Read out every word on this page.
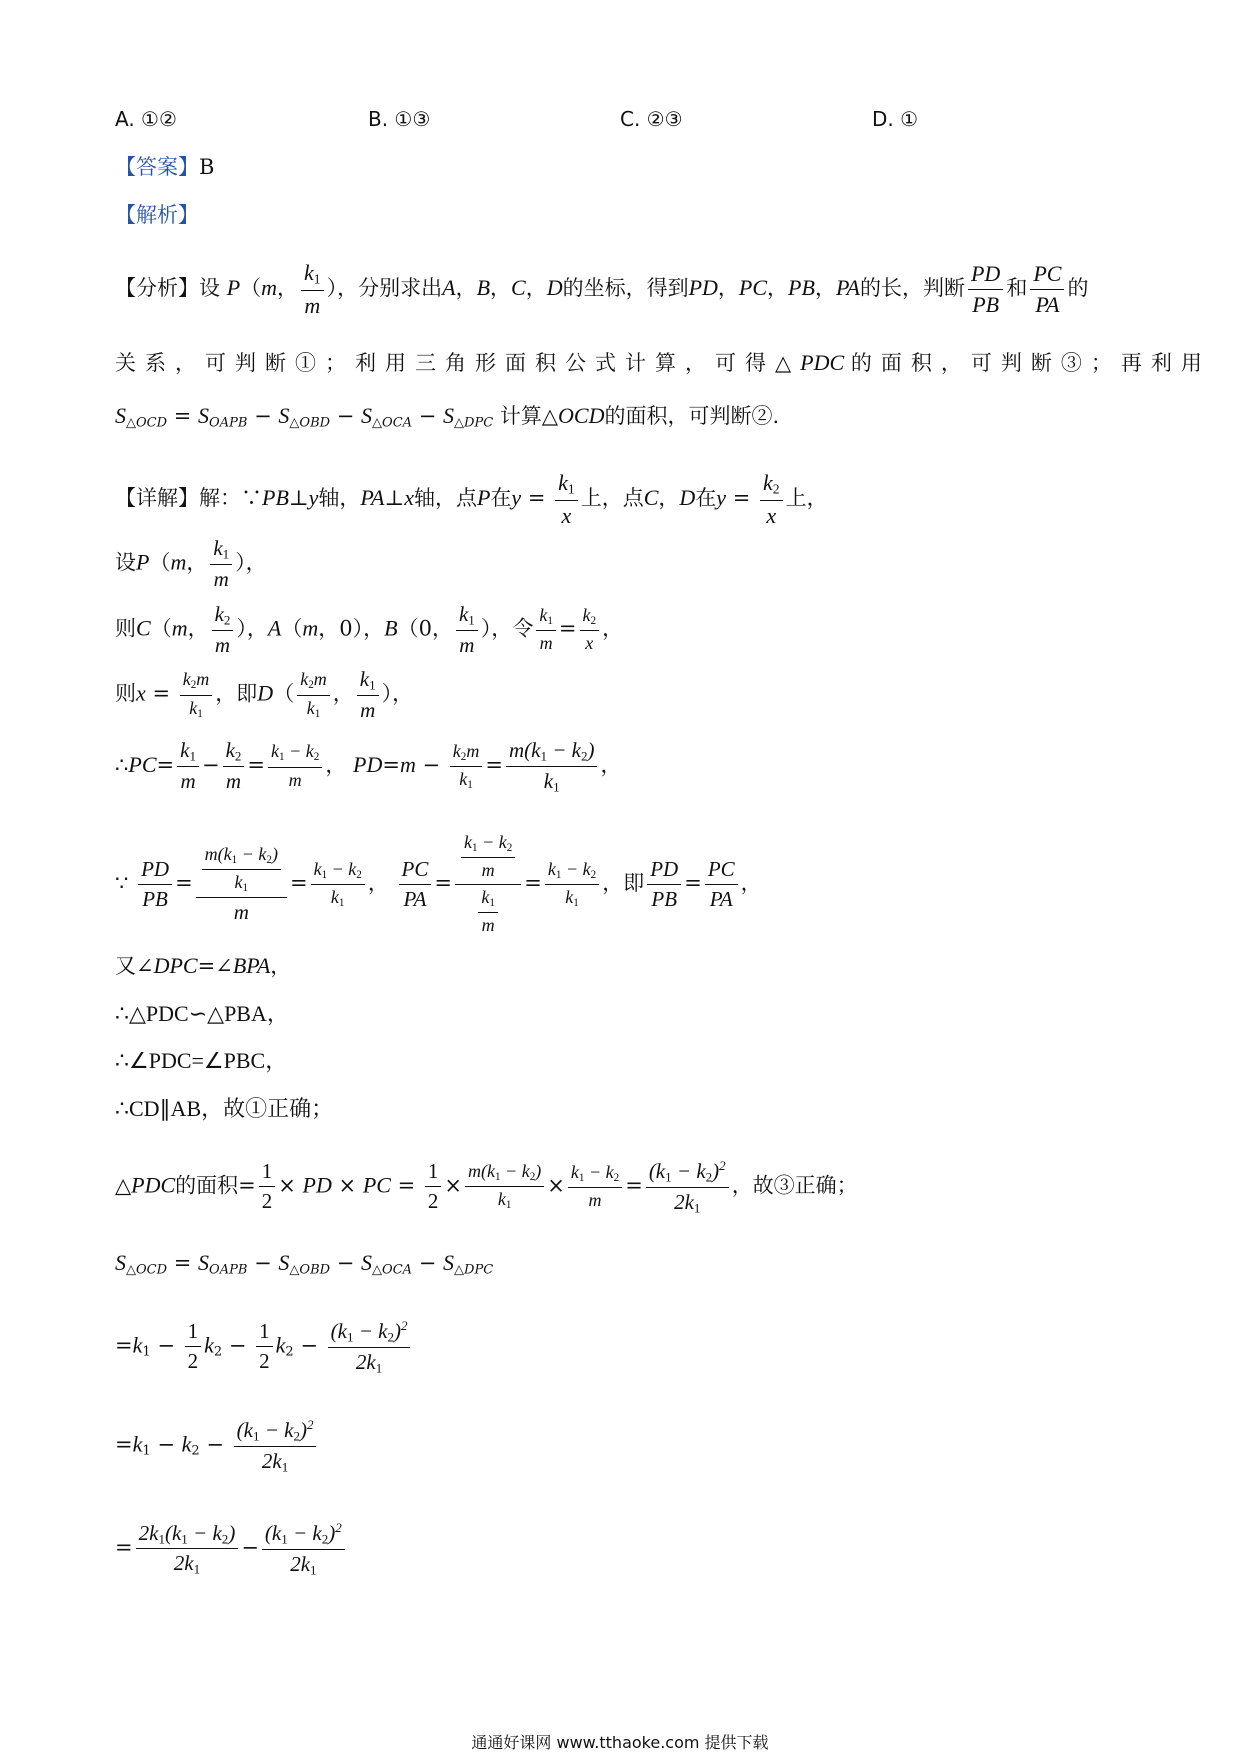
A. ①②	B. ①③	C. ②③	D. ①
【答案】B
【解析】
【分析】设 P（m， $\frac{k_1}{m}$ ），分别求出A，B，C，D的坐标，得到PD，PC，PB，PA的长，判断 $\frac{PD}{PB}$ 和 $\frac{PC}{PA}$ 的
关系，可判断①；利用三角形面积公式计算，可得△PDC 的面积，可判断③；再利用
$S_{\triangle OCD} = S_{OAPB} - S_{\triangle OBD} - S_{\triangle OCA} - S_{\triangle DPC}$ 计算△OCD的面积，可判断②.
【详解】解：∵PB⊥y轴，PA⊥x轴，点P在$y = \frac{k_1}{x}$ 上，点C，D在$y = \frac{k_2}{x}$ 上，
设P（m， $\frac{k_1}{m}$ ），
则C（m， $\frac{k_2}{m}$ ），A（m，0），B（0， $\frac{k_1}{m}$ ），令 $\frac{k_1}{m} = \frac{k_2}{x}$ ，
则$x = \frac{k_2m}{k_1}$ ，即$D( \frac{k_2m}{k_1}$ ， $\frac{k_1}{m}$ ），
∴PC= $\frac{k_1}{m} - \frac{k_2}{m} = \frac{k_1 - k_2}{m}$ ， $PD=m - \frac{k_2m}{k_1} = \frac{m(k_1 - k_2)}{k_1}$ ，
∵ $\frac{PD}{PB} = \frac{\frac{m(k_1 - k_2)}{k_1}}{m} = \frac{k_1 - k_2}{k_1}$ ， $\frac{PC}{PA} = \frac{\frac{k_1 - k_2}{m}}{\frac{k_1}{m}} = \frac{k_1 - k_2}{k_1}$ ，即 $\frac{PD}{PB} = \frac{PC}{PA}$ ，
又∠DPC=∠BPA，
∴△PDC∽△PBA，
∴∠PDC=∠PBC，
∴CD∥AB，故①正确；
△PDC的面积= $\frac{1}{2}$ × PD × PC = $\frac{1}{2} \times \frac{m(k_1 - k_2)}{k_1} \times \frac{k_1 - k_2}{m} = \frac{(k_1 - k_2)^2}{2k_1}$ ，故③正确；
$S_{\triangle OCD} = S_{OAPB} - S_{\triangle OBD} - S_{\triangle OCA} - S_{\triangle DPC}$
$=k_1 - \frac{1}{2} k_2 - \frac{1}{2} k_2 - \frac{(k_1 - k_2)^2}{2k_1}$
$=k_1 - k_2 - \frac{(k_1 - k_2)^2}{2k_1}$
= $\frac{2k_1(k_1 - k_2)}{2k_1} - \frac{(k_1 - k_2)^2}{2k_1}$
通通好课网 www.tthaoke.com 提供下载
